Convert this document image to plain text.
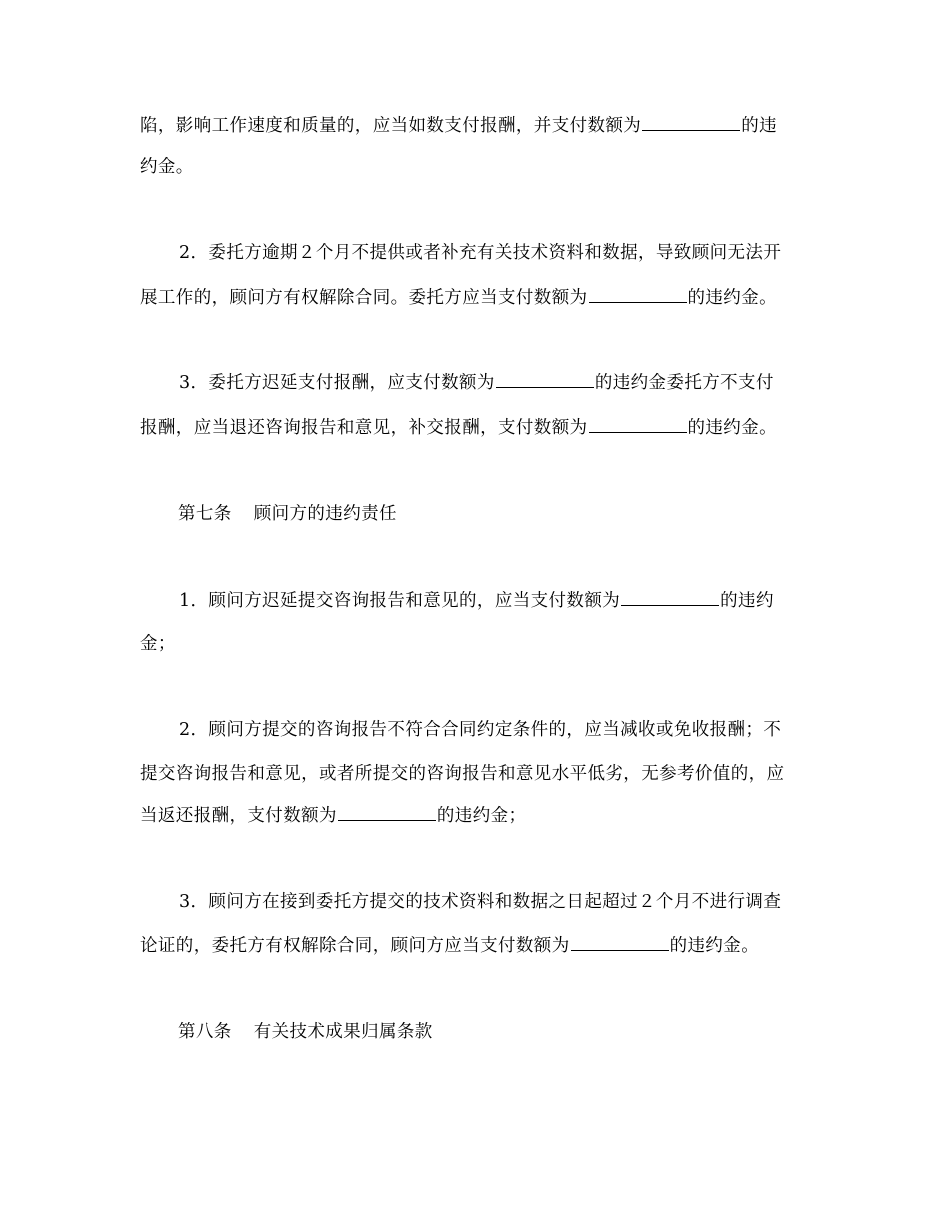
陷，影响工作速度和质量的，应当如数支付报酬，并支付数额为	的违
约金。
2．委托方逾期２个月不提供或者补充有关技术资料和数据，导致顾问无法开
展工作的，顾问方有权解除合同。委托方应当支付数额为	的违约金。
3．委托方迟延支付报酬，应支付数额为	的违约金委托方不支付
报酬，应当退还咨询报告和意见，补交报酬，支付数额为	的违约金。
第七条 顾问方的违约责任
1．顾问方迟延提交咨询报告和意见的，应当支付数额为	的违约
金；
2．顾问方提交的咨询报告不符合合同约定条件的，应当减收或免收报酬；不
提交咨询报告和意见，或者所提交的咨询报告和意见水平低劣，无参考价值的，应
当返还报酬，支付数额为	的违约金；
3．顾问方在接到委托方提交的技术资料和数据之日起超过２个月不进行调查
论证的，委托方有权解除合同，顾问方应当支付数额为	的违约金。
第八条 有关技术成果归属条款
